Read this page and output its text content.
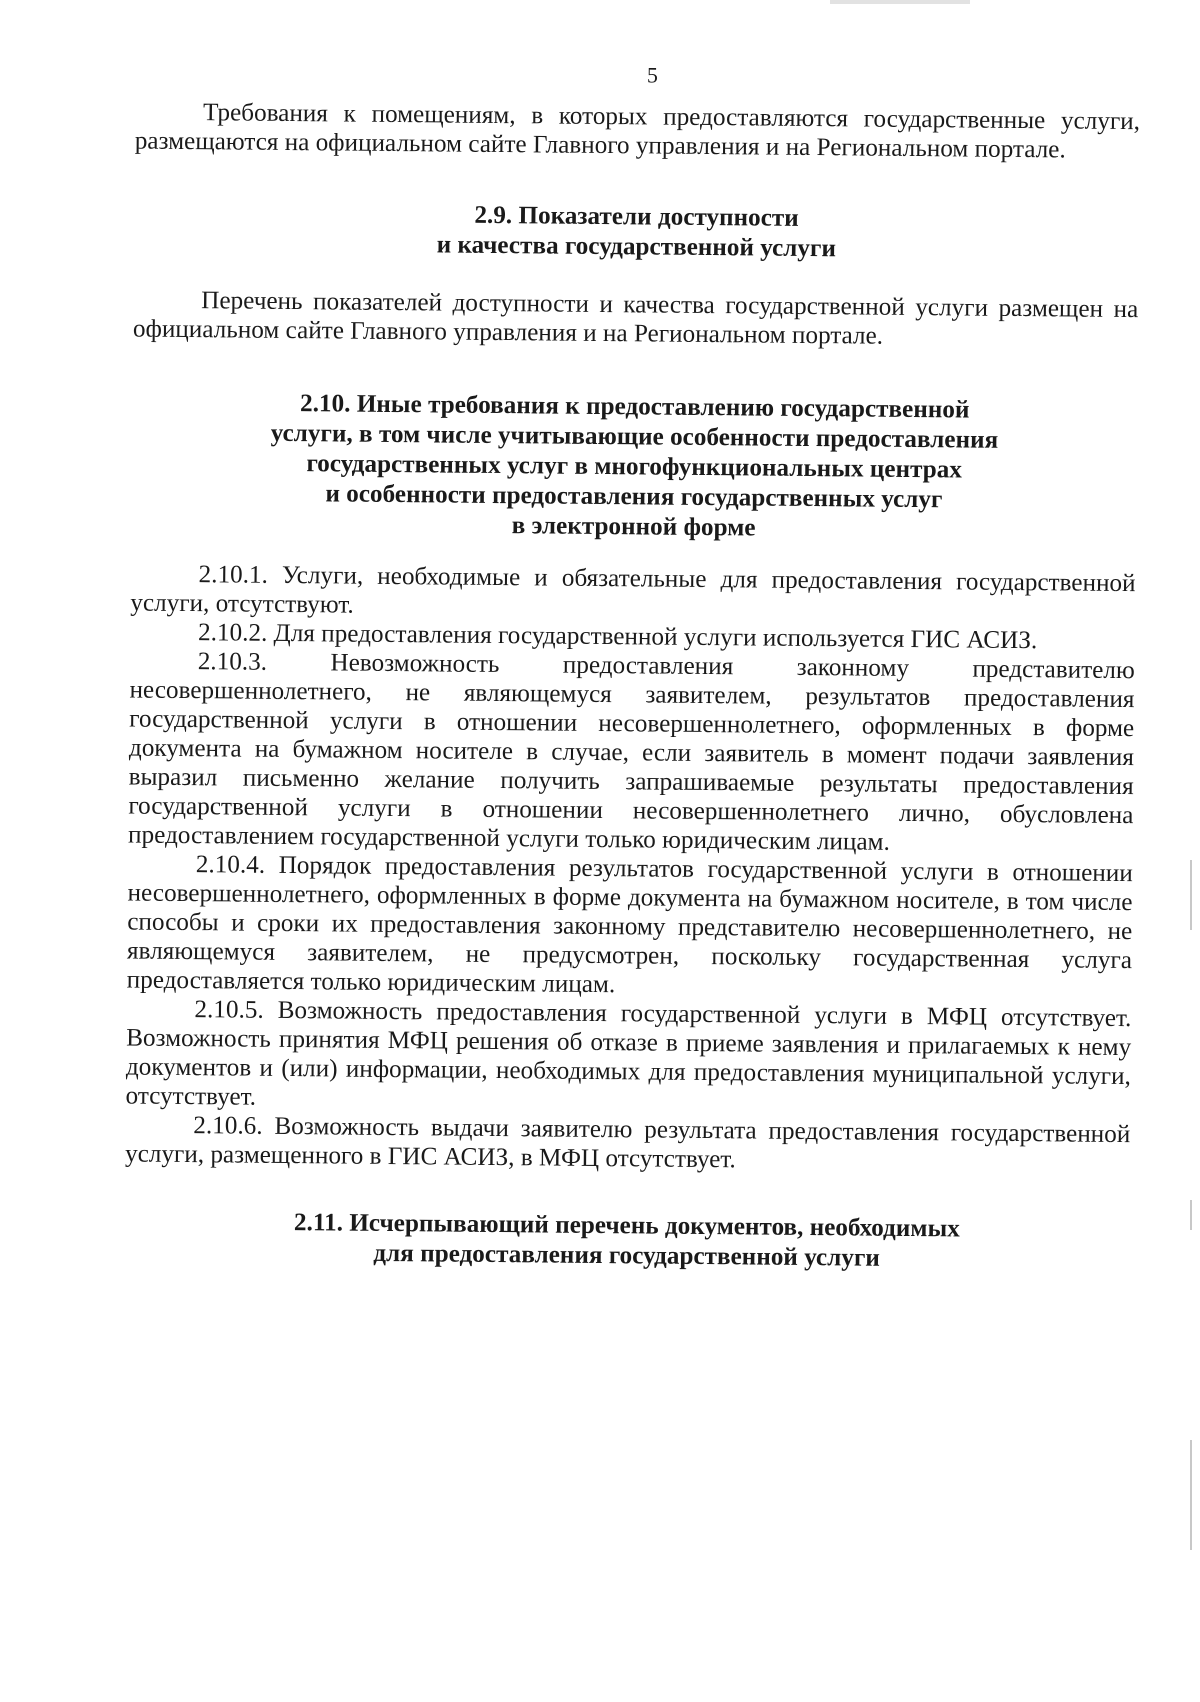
5

Требования к помещениям, в которых предоставляются государственные услуги, размещаются на официальном сайте Главного управления и на Региональном портале.

2.9. Показатели доступности
и качества государственной услуги

Перечень показателей доступности и качества государственной услуги размещен на официальном сайте Главного управления и на Региональном портале.

2.10. Иные требования к предоставлению государственной
услуги, в том числе учитывающие особенности предоставления
государственных услуг в многофункциональных центрах
и особенности предоставления государственных услуг
в электронной форме

2.10.1. Услуги, необходимые и обязательные для предоставления государственной услуги, отсутствуют.

2.10.2. Для предоставления государственной услуги используется ГИС АСИЗ.

2.10.3. Невозможность предоставления законному представителю несовершеннолетнего, не являющемуся заявителем, результатов предоставления государственной услуги в отношении несовершеннолетнего, оформленных в форме документа на бумажном носителе в случае, если заявитель в момент подачи заявления выразил письменно желание получить запрашиваемые результаты предоставления государственной услуги в отношении несовершеннолетнего лично, обусловлена предоставлением государственной услуги только юридическим лицам.

2.10.4. Порядок предоставления результатов государственной услуги в отношении несовершеннолетнего, оформленных в форме документа на бумажном носителе, в том числе способы и сроки их предоставления законному представителю несовершеннолетнего, не являющемуся заявителем, не предусмотрен, поскольку государственная услуга предоставляется только юридическим лицам.

2.10.5. Возможность предоставления государственной услуги в МФЦ отсутствует. Возможность принятия МФЦ решения об отказе в приеме заявления и прилагаемых к нему документов и (или) информации, необходимых для предоставления муниципальной услуги, отсутствует.

2.10.6. Возможность выдачи заявителю результата предоставления государственной услуги, размещенного в ГИС АСИЗ, в МФЦ отсутствует.

2.11. Исчерпывающий перечень документов, необходимых
для предоставления государственной услуги
